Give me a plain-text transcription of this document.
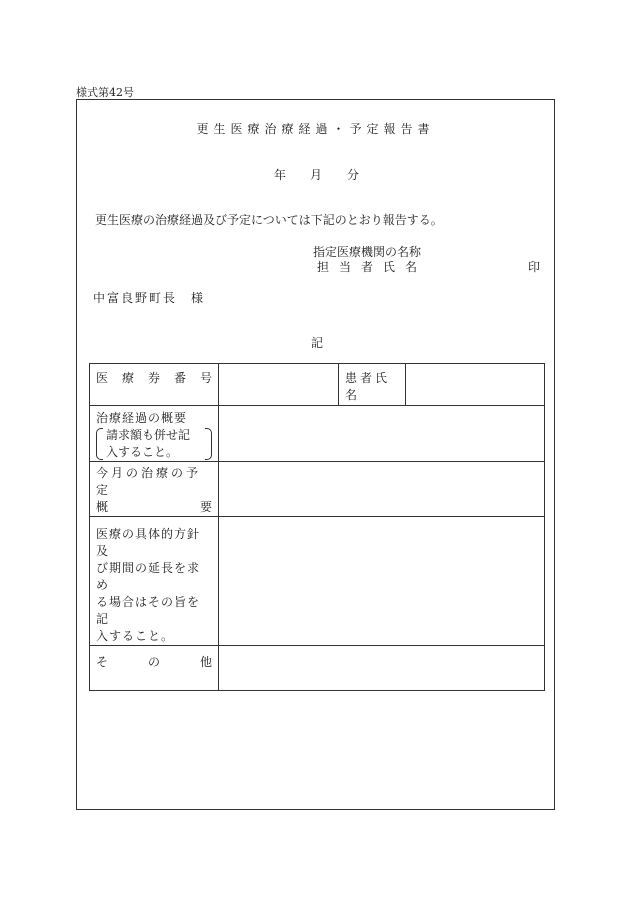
様式第42号
更生医療治療経過・予定報告書
年 月 分
更生医療の治療経過及び予定については下記のとおり報告する。
指定医療機関の名称
担当者氏名	印
中富良野町長　様
記
医 療 券 番 号		患者氏名	

治療経過の概要
請求額も併せ記
入すること。			

今月の治療の予定
概 要			

医療の具体的方針及
び期間の延長を求め
る場合はその旨を記
入すること。			

そ の 他			
